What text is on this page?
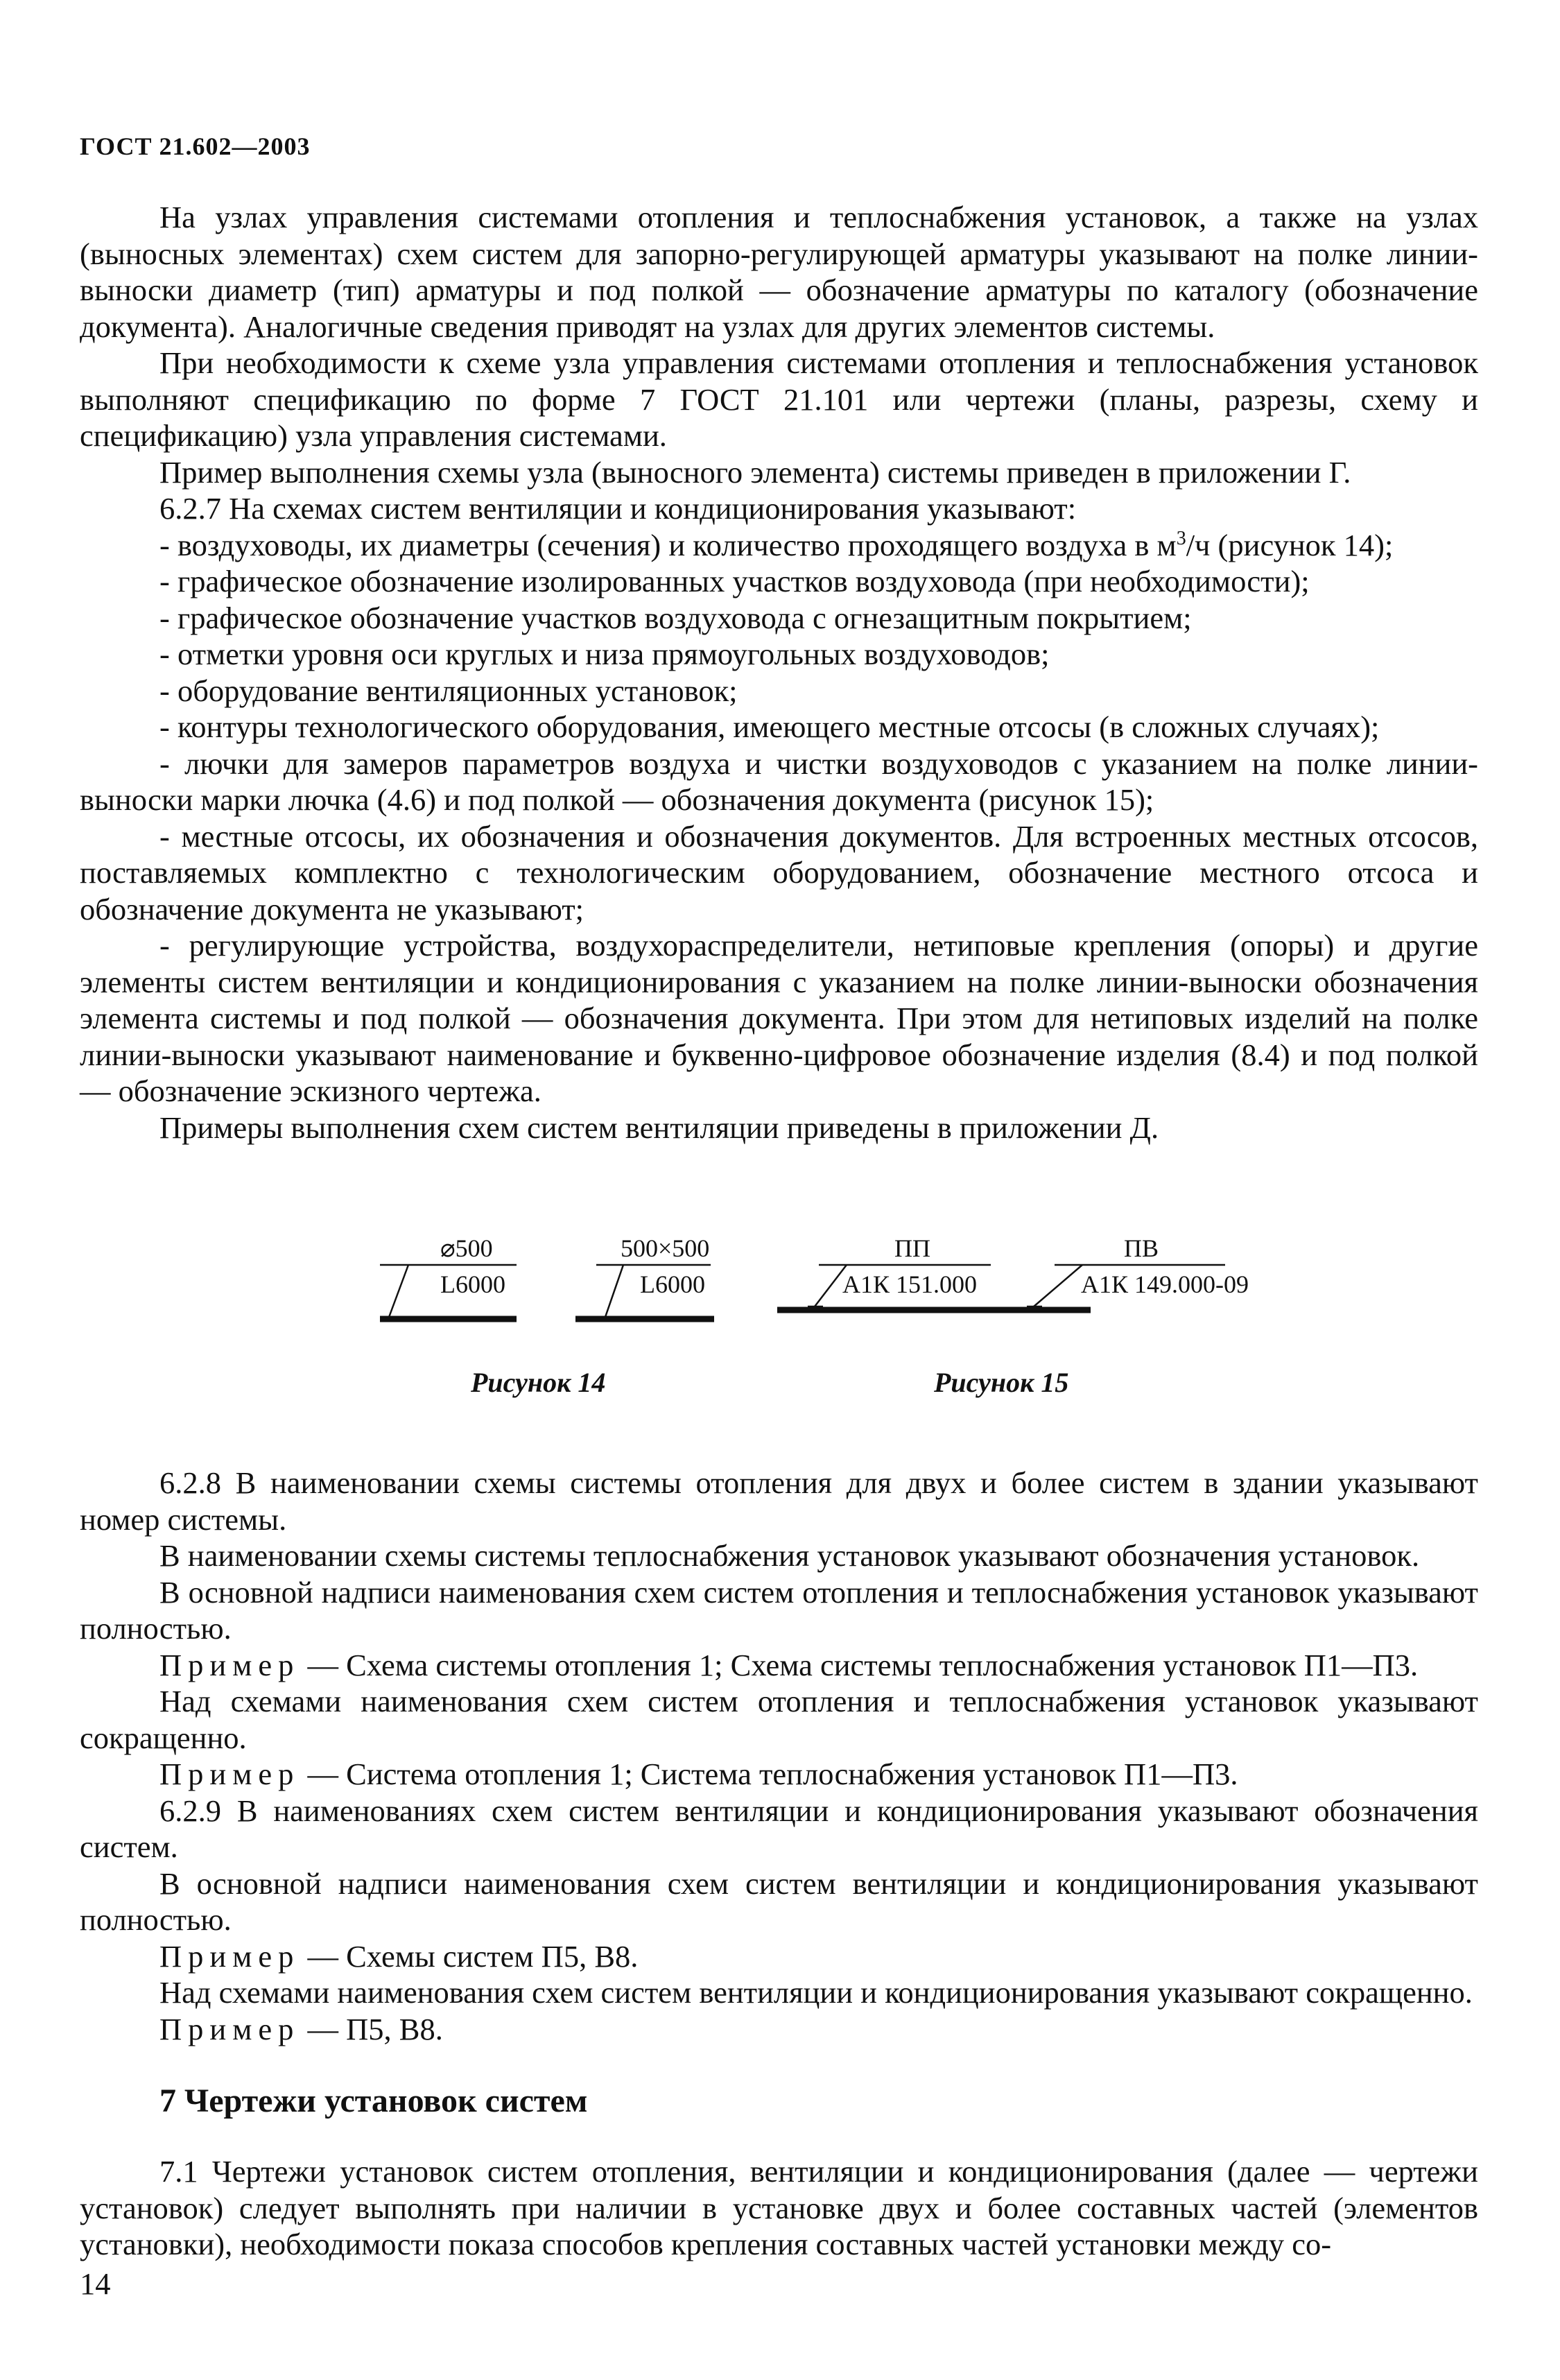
ГОСТ 21.602—2003

На узлах управления системами отопления и теплоснабжения установок, а также на узлах (выносных элементах) схем систем для запорно-регулирующей арматуры указывают на полке линии-выноски диаметр (тип) арматуры и под полкой — обозначение арматуры по каталогу (обозначение документа). Аналогичные сведения приводят на узлах для других элементов системы.

При необходимости к схеме узла управления системами отопления и теплоснабжения установок выполняют спецификацию по форме 7 ГОСТ 21.101 или чертежи (планы, разрезы, схему и спецификацию) узла управления системами.

Пример выполнения схемы узла (выносного элемента) системы приведен в приложении Г.

6.2.7 На схемах систем вентиляции и кондиционирования указывают:

- воздуховоды, их диаметры (сечения) и количество проходящего воздуха в $м^3/ч$ (рисунок 14);

- графическое обозначение изолированных участков воздуховода (при необходимости);

- графическое обозначение участков воздуховода с огнезащитным покрытием;

- отметки уровня оси круглых и низа прямоугольных воздуховодов;

- оборудование вентиляционных установок;

- контуры технологического оборудования, имеющего местные отсосы (в сложных случаях);

- лючки для замеров параметров воздуха и чистки воздуховодов с указанием на полке линии-выноски марки лючка (4.6) и под полкой — обозначения документа (рисунок 15);

- местные отсосы, их обозначения и обозначения документов. Для встроенных местных отсосов, поставляемых комплектно с технологическим оборудованием, обозначение местного отсоса и обозначение документа не указывают;

- регулирующие устройства, воздухораспределители, нетиповые крепления (опоры) и другие элементы систем вентиляции и кондиционирования с указанием на полке линии-выноски обозначения элемента системы и под полкой — обозначения документа. При этом для нетиповых изделий на полке линии-выноски указывают наименование и буквенно-цифровое обозначение изделия (8.4) и под полкой — обозначение эскизного чертежа.

Примеры выполнения схем систем вентиляции приведены в приложении Д.

⌀500
L6000
500×500
L6000
ПП
А1К 151.000
ПВ
А1К 149.000-09
Рисунок 14	Рисунок 15

6.2.8 В наименовании схемы системы отопления для двух и более систем в здании указывают номер системы.

В наименовании схемы системы теплоснабжения установок указывают обозначения установок.

В основной надписи наименования схем систем отопления и теплоснабжения установок указывают полностью.

Пример — Схема системы отопления 1; Схема системы теплоснабжения установок П1—П3.

Над схемами наименования схем систем отопления и теплоснабжения установок указывают сокращенно.

Пример — Система отопления 1; Система теплоснабжения установок П1—П3.

6.2.9 В наименованиях схем систем вентиляции и кондиционирования указывают обозначения систем.

В основной надписи наименования схем систем вентиляции и кондиционирования указывают полностью.

Пример — Схемы систем П5, В8.

Над схемами наименования схем систем вентиляции и кондиционирования указывают сокращенно.

Пример — П5, В8.

7 Чертежи установок систем

7.1 Чертежи установок систем отопления, вентиляции и кондиционирования (далее — чертежи установок) следует выполнять при наличии в установке двух и более составных частей (элементов установки), необходимости показа способов крепления составных частей установки между со-

14
